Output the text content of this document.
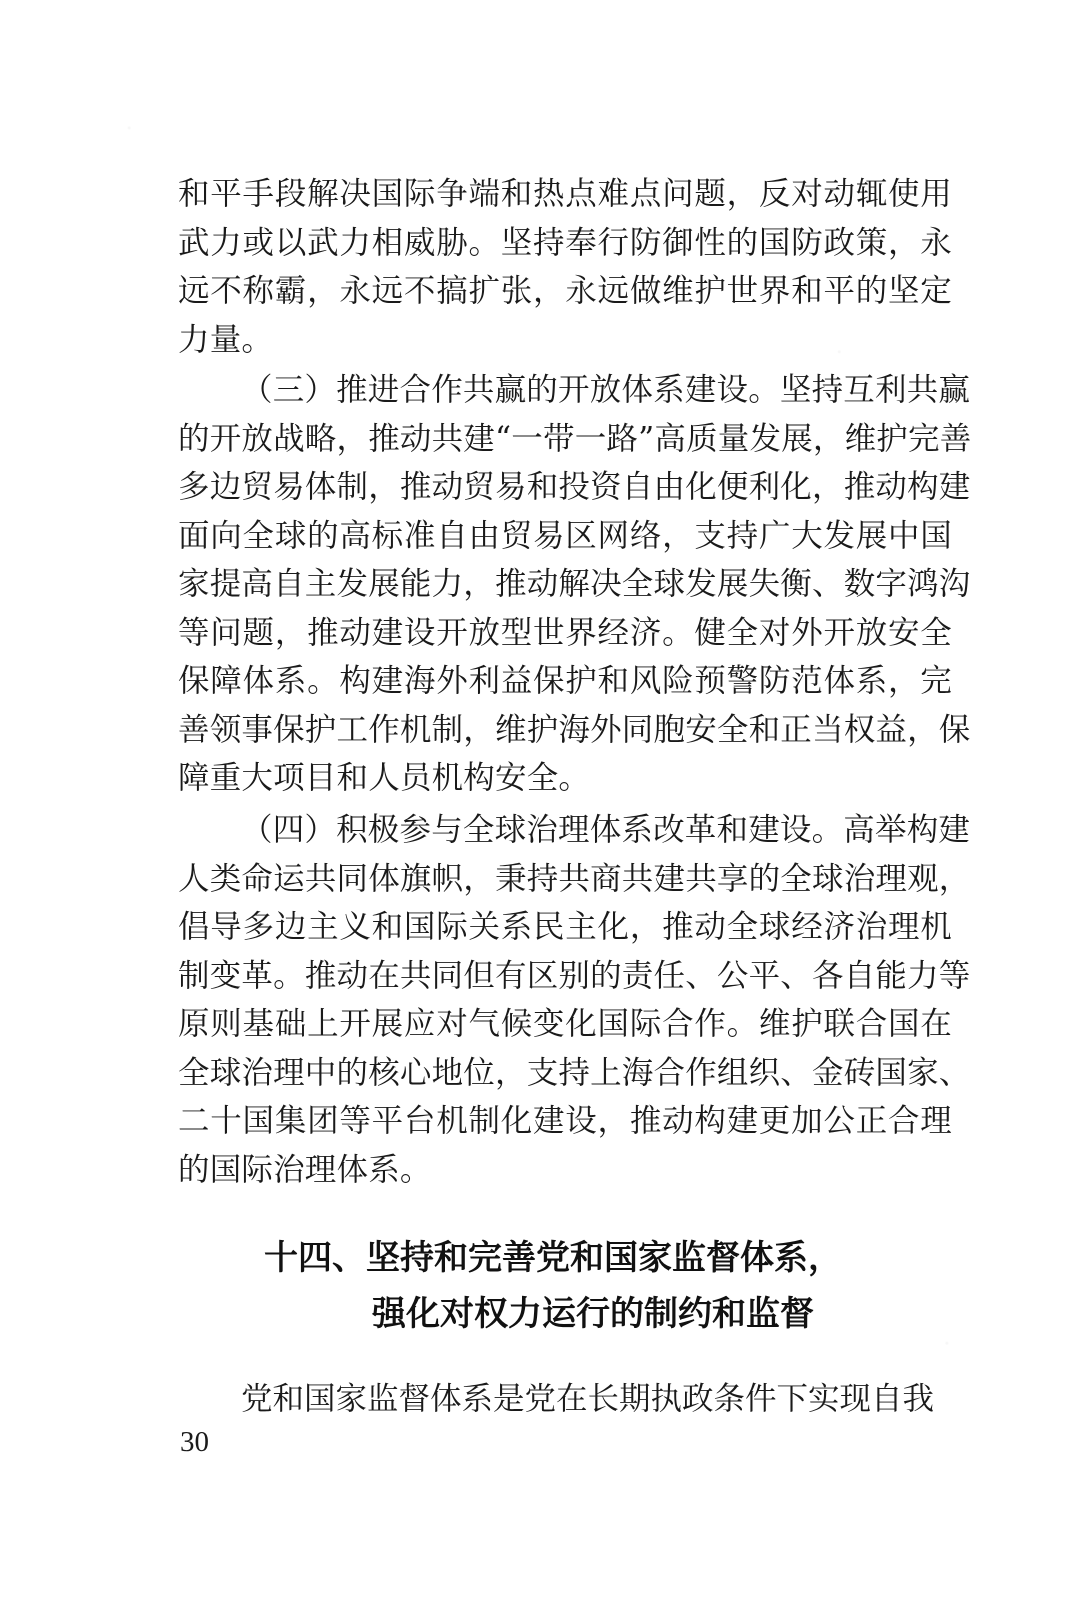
和平手段解决国际争端和热点难点问题，反对动辄使用
武力或以武力相威胁。坚持奉行防御性的国防政策，永
远不称霸，永远不搞扩张，永远做维护世界和平的坚定
力量。
（三）推进合作共赢的开放体系建设。坚持互利共赢
的开放战略，推动共建“一带一路”高质量发展，维护完善
多边贸易体制，推动贸易和投资自由化便利化，推动构建
面向全球的高标准自由贸易区网络，支持广大发展中国
家提高自主发展能力，推动解决全球发展失衡、数字鸿沟
等问题，推动建设开放型世界经济。健全对外开放安全
保障体系。构建海外利益保护和风险预警防范体系，完
善领事保护工作机制，维护海外同胞安全和正当权益，保
障重大项目和人员机构安全。
（四）积极参与全球治理体系改革和建设。高举构建
人类命运共同体旗帜，秉持共商共建共享的全球治理观，
倡导多边主义和国际关系民主化，推动全球经济治理机
制变革。推动在共同但有区别的责任、公平、各自能力等
原则基础上开展应对气候变化国际合作。维护联合国在
全球治理中的核心地位，支持上海合作组织、金砖国家、
二十国集团等平台机制化建设，推动构建更加公正合理
的国际治理体系。
十四、坚持和完善党和国家监督体系，
强化对权力运行的制约和监督
党和国家监督体系是党在长期执政条件下实现自我
30
